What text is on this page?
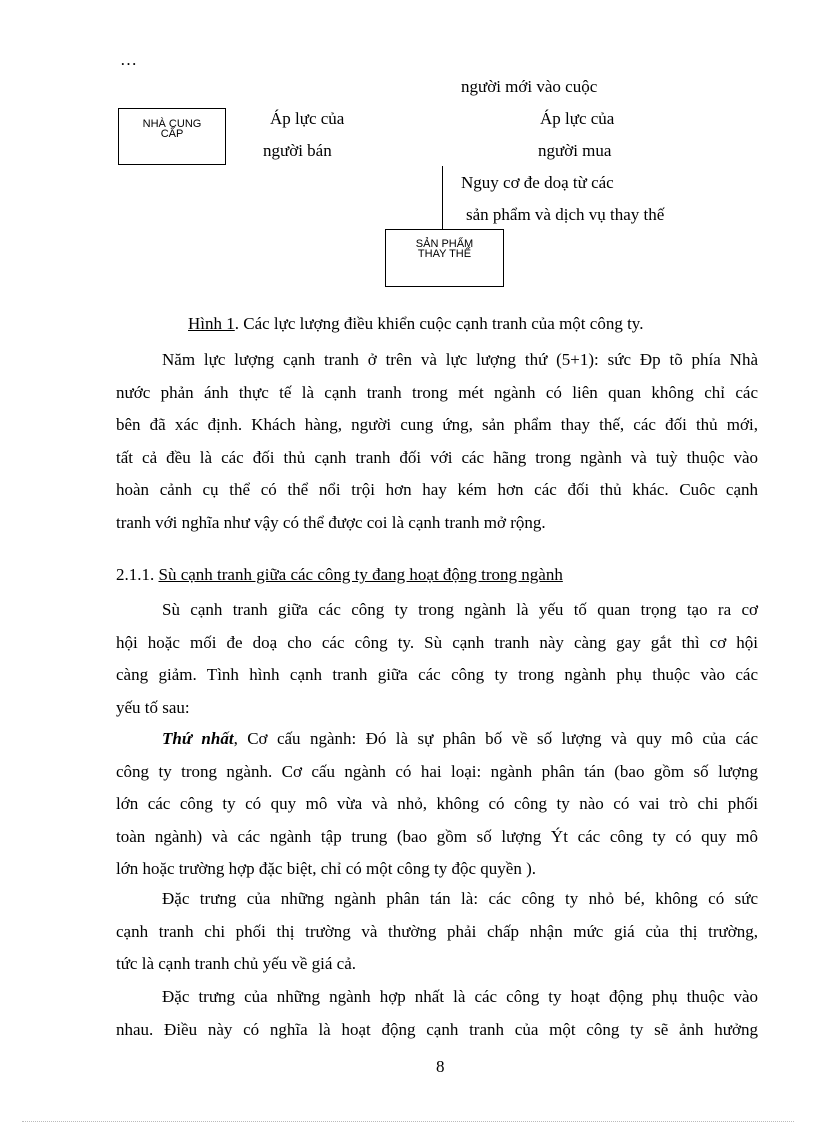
…
người mới vào cuộc
NHÀ CUNG
CẤP
Áp lực của
người bán
Áp lực của
người mua
Nguy cơ đe doạ từ các
sản phẩm và dịch vụ thay thế
SẢN PHẨM
THAY THẾ
Hình 1. Các lực lượng điều khiển cuộc cạnh tranh của một công ty.
Năm lực lượng cạnh tranh ở trên và lực lượng thứ (5+1): sức Ðp tõ phía Nhà
nước phản ánh thực tế là cạnh tranh trong mét ngành có liên quan không chỉ các
bên đã xác định. Khách hàng, người cung ứng, sản phẩm thay thế, các đối thủ mới,
tất cả đều là các đối thủ cạnh tranh đối với các hãng trong ngành và tuỳ thuộc vào
hoàn cảnh cụ thể có thể nổi trội hơn hay kém hơn các đối thủ khác. Cuôc cạnh
tranh với nghĩa như vậy có thể được coi là cạnh tranh mở rộng.
2.1.1. Sù cạnh tranh giữa các công ty đang hoạt động trong ngành
Sù cạnh tranh giữa các công ty trong ngành là yếu tố quan trọng tạo ra cơ
hội hoặc mối đe doạ cho các công ty. Sù cạnh tranh này càng gay gắt thì cơ hội
càng giảm. Tình hình cạnh tranh giữa các công ty trong ngành phụ thuộc vào các
yếu tố sau:
Thứ nhất, Cơ cấu ngành: Đó là sự phân bố về số lượng và quy mô của các
công ty trong ngành. Cơ cấu ngành có hai loại: ngành phân tán (bao gồm số lượng
lớn các công ty có quy mô vừa và nhỏ, không có công ty nào có vai trò chi phối
toàn ngành) và các ngành tập trung (bao gồm số lượng Ýt các công ty có quy mô
lớn hoặc trường hợp đặc biệt, chỉ có một công ty độc quyền ).
Đặc trưng của những ngành phân tán là: các công ty nhỏ bé, không có sức
cạnh tranh chi phối thị trường và thường phải chấp nhận mức giá của thị trường,
tức là cạnh tranh chủ yếu về giá cả.
Đặc trưng của những ngành hợp nhất là các công ty hoạt động phụ thuộc vào
nhau. Điều này có nghĩa là hoạt động cạnh tranh của một công ty sẽ ảnh hưởng
8
